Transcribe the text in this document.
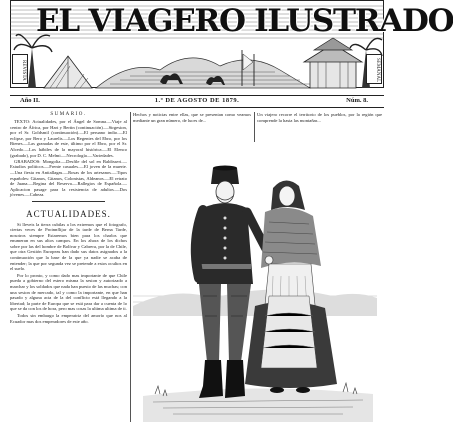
EL VIAGERO ILUSTRADO
REVISTA	SEMANAL
Año II.	1.º DE AGOSTO DE 1879.	Núm. 8.
SUMARIO.

TEXTO: Actualidades, por el Ángel de Somna.—Viaje al centro de África, por Hart y Bertin (continuación).—Sirgesion, por el Sr. Goldsmil (continuación).—El peruano indio.—El eclipse, por Bero y Laurelis.—Los Regentes del Ebro, por los Bienes.—Las granadas de este, último por el Ebro, por el Sr. Alcedo.—Los hábiles de la mayoral histórica.—El Elenco (grabado), por D. C. Melmi.—Necrología.—Variedades.

GRABADOS: Mongolia.—Desfile del sol en Baldisseri.—Estudios politicos.—Frente casuales.—El joven de la muerte.—Una fiesta en Antiallagas.—Rosas de los artesanos.—Tipos españoles: Gitanos, Gitanos, Colonistas, Aldeanos.—El retrato de Juana.—Regina del Reserva.—Rallegios de Española.—Aplicacion pasage para la resistencia de adultos.—Dos jóvenes.—Cabeza.

ACTUALIDADES.

Si lleveis la tierra cubilas a los extremos que el fotografo, ciertas veces de Proinnflijar de la tarde de Berna Tarde, nosotros siempre Estaremos bien para los charlos que enumeran en sus altos campos. En los ahora de los dichos sobre por las del hombre de Bolívar y Cabrera, por la de Chile, que otra Gestión Europeas han dado sus datos asignados a la continuación que la base de la que ya nadie se acaba de entender; la que por segunda vez se pretende a estos ocultos en el suelo.

Por lo pronto, y como dado mas importante de que Chile pueda a gobierno del estero misma la sesion y autorizado a marchar y los soldados que nada han puesto de las muchas; con una sesion de mercado, tal y como la importante, en que han pasado y alguna acta de la del conflicto está llegando a la libertad; la parte de Europa que se está para dar a cuenta de lo que se da con los de hora, pero mas cosas la ultima ultima de ti.

Todos sin embargo la emperatriz del amorío que nos al Ecuador mas dos emperadores de este año.

Hechos y noticias entre ellas, que se presentan como veamos mediante un gran número, de luces de...
Un viajero recorre el territorio de los pueblos, por la región que comprende la hasta las montañas...
